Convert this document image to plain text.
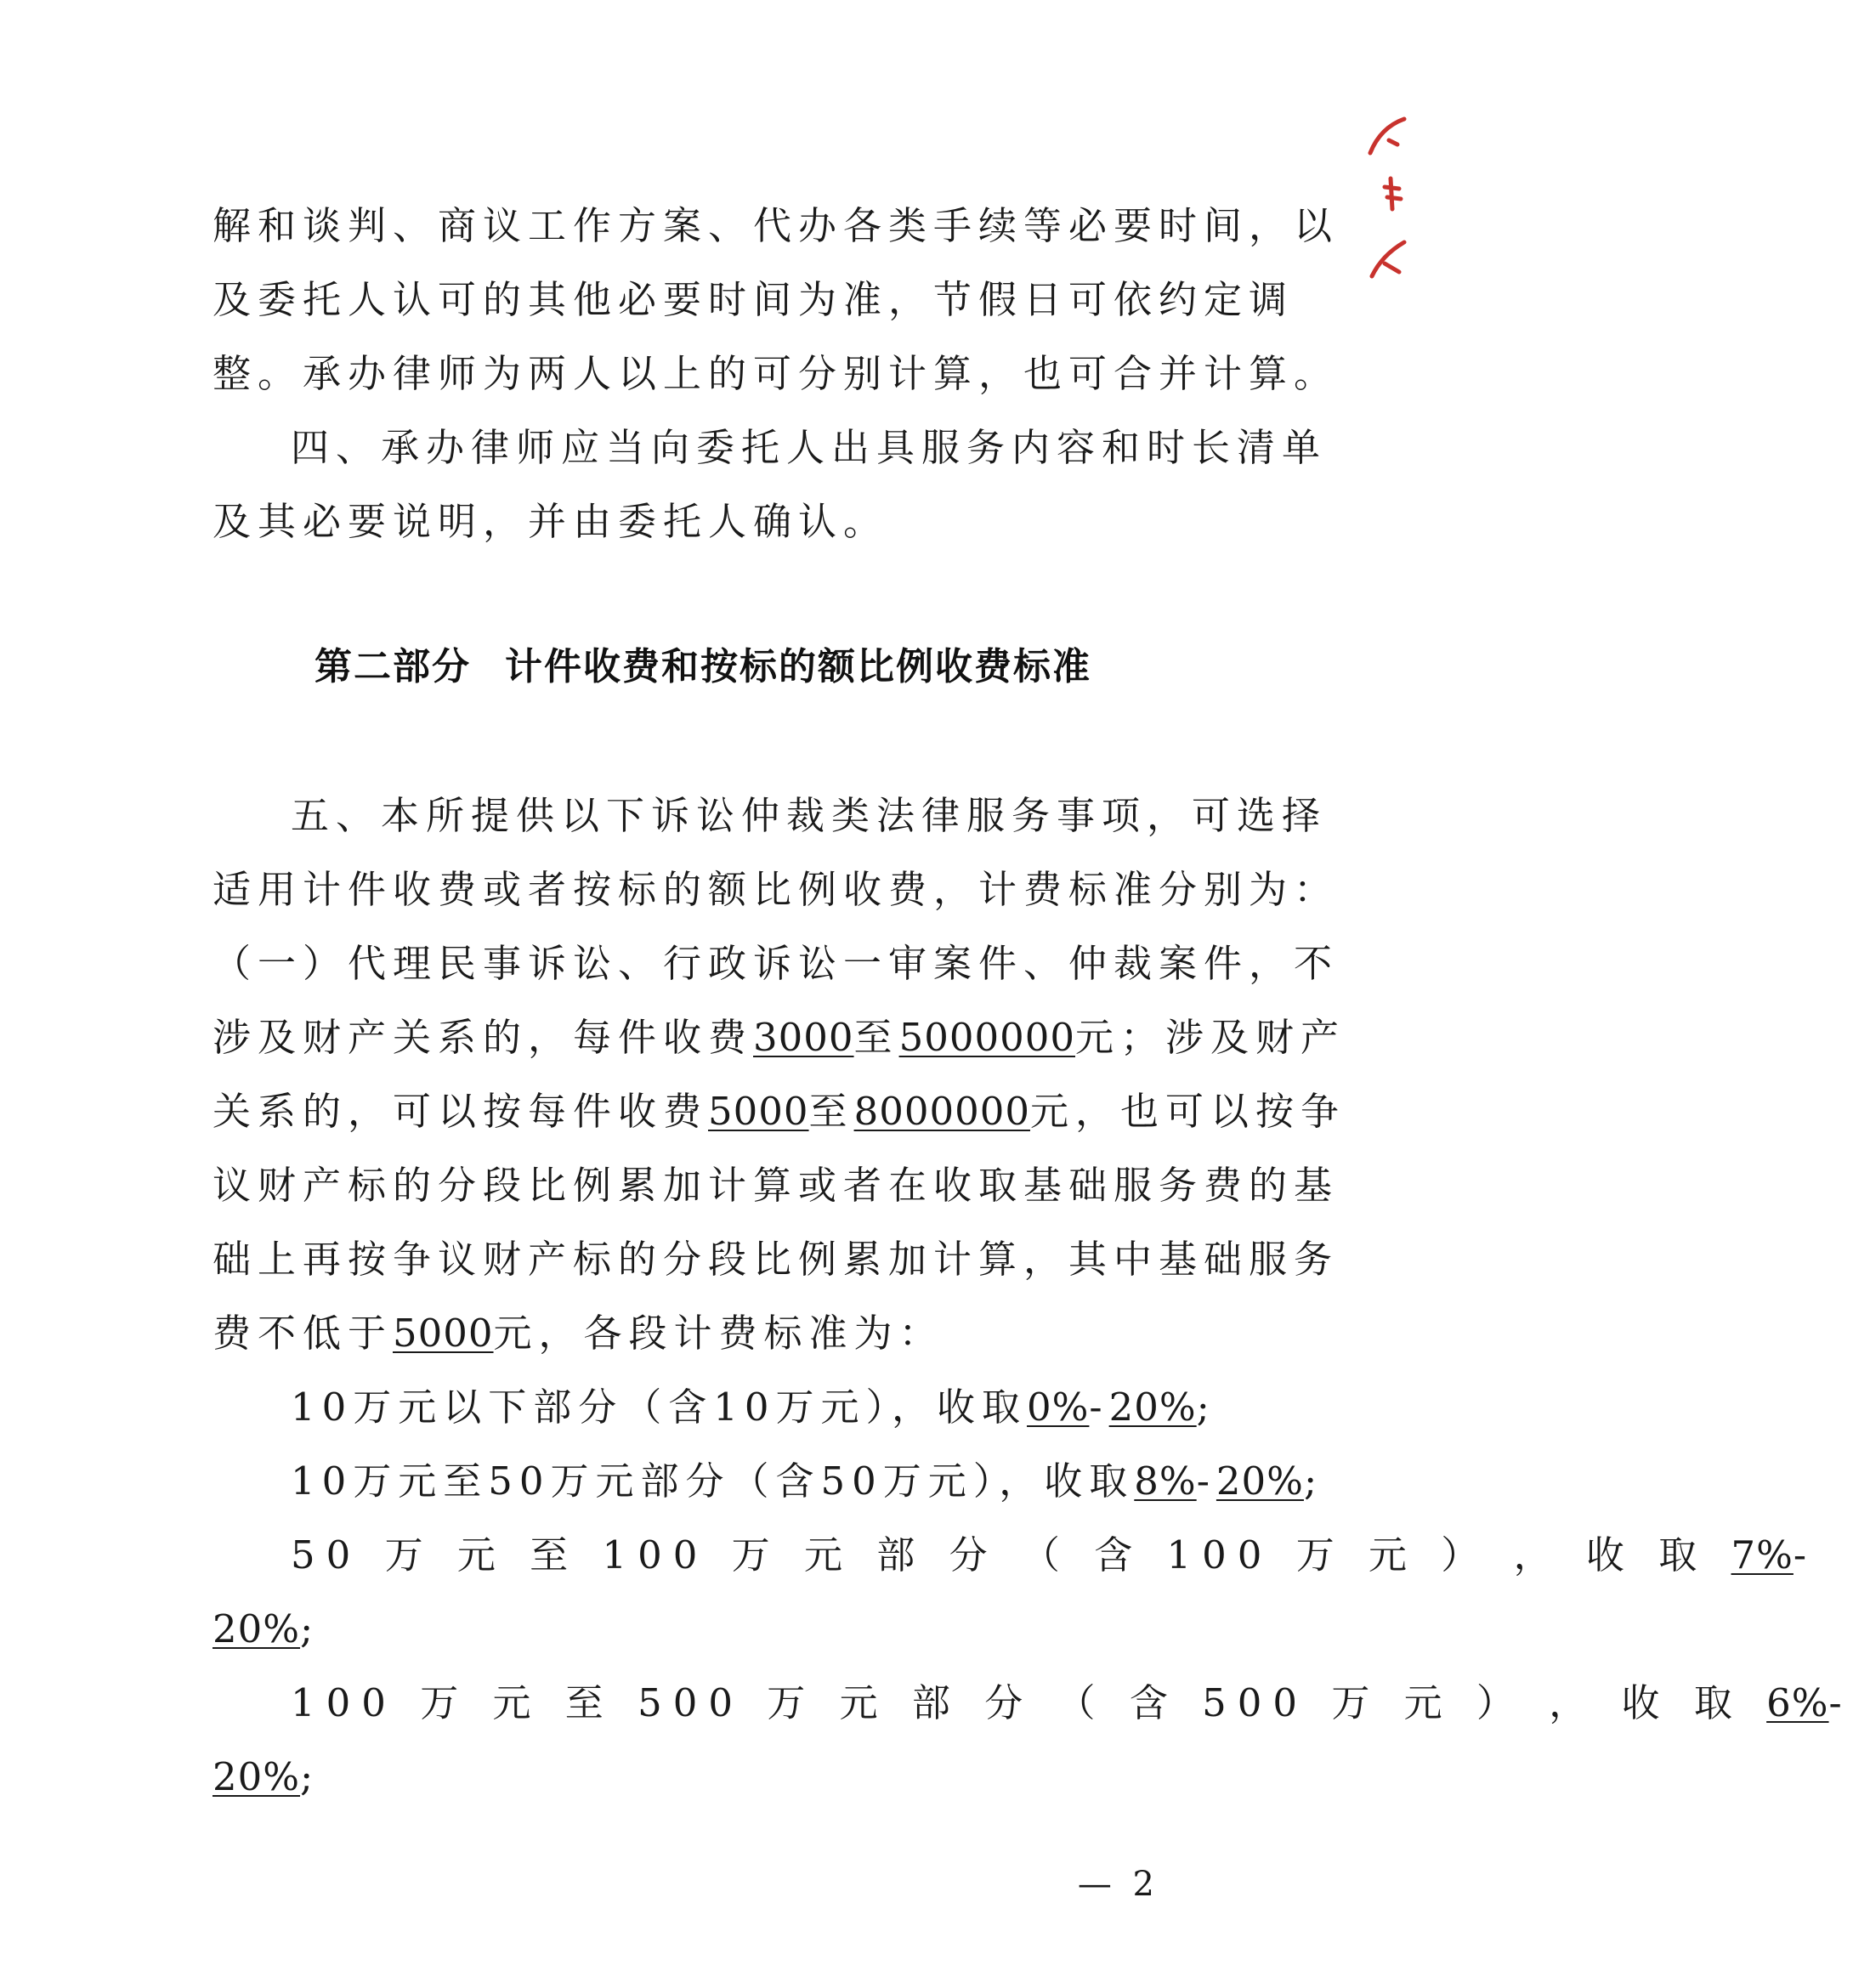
解和谈判、商议工作方案、代办各类手续等必要时间，以
及委托人认可的其他必要时间为准，节假日可依约定调
整。承办律师为两人以上的可分别计算，也可合并计算。
四、承办律师应当向委托人出具服务内容和时长清单
及其必要说明，并由委托人确认。
第二部分 计件收费和按标的额比例收费标准
五、本所提供以下诉讼仲裁类法律服务事项，可选择
适用计件收费或者按标的额比例收费，计费标准分别为：
（一）代理民事诉讼、行政诉讼一审案件、仲裁案件，不
涉及财产关系的，每件收费3000至5000000元；涉及财产
关系的，可以按每件收费5000至8000000元，也可以按争
议财产标的分段比例累加计算或者在收取基础服务费的基
础上再按争议财产标的分段比例累加计算，其中基础服务
费不低于5000元，各段计费标准为：
10万元以下部分（含10万元），收取0%-20%;
10万元至50万元部分（含50万元），收取8%-20%;
50 万 元 至 100 万 元 部 分 （ 含 100 万 元 ） ， 收 取 7%-
20%;
100 万 元 至 500 万 元 部 分 （ 含 500 万 元 ） ， 收 取 6%-
20%;
— 2
